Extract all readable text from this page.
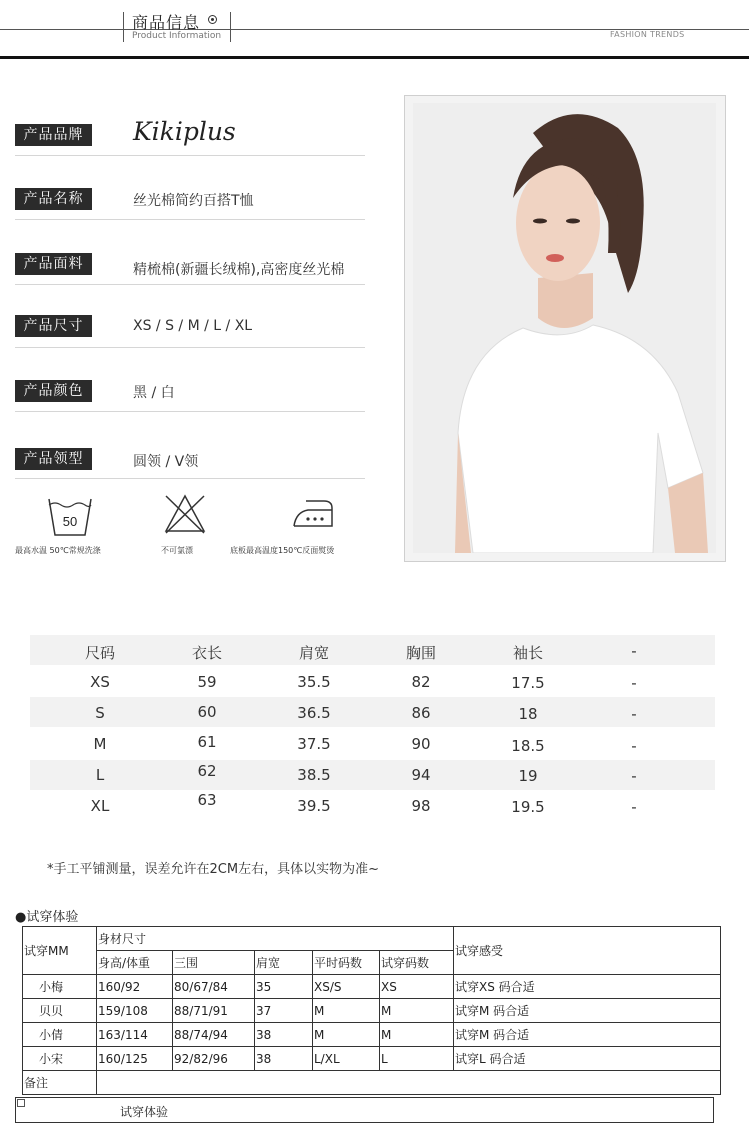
商品信息
Product Information	FASHION TRENDS
产品品牌	Kikiplus
产品名称	丝光棉简约百搭T恤
产品面料	精梳棉(新疆长绒棉),高密度丝光棉
产品尺寸	XS / S / M / L / XL
产品颜色	黑 / 白
产品领型	圆领 / V领
50
最高水温 50℃常规洗涤	不可氯漂	底板最高温度150℃反面熨烫
尺码	衣长	肩宽	胸围	袖长	-
XS	59	35.5	82	17.5	-
S	60	36.5	86	18	-
M	61	37.5	90	18.5	-
L	62	38.5	94	19	-
XL	63	39.5	98	19.5	-
*手工平铺测量，误差允许在2CM左右，具体以实物为准~
●试穿体验
试穿MM	身材尺寸					试穿感受
	身高/体重	三围	肩宽	平时码数	试穿码数	
小梅	160/92	80/67/84	35	XS/S	XS	试穿XS 码合适
贝贝	159/108	88/71/91	37	M	M	试穿M 码合适
小倩	163/114	88/74/94	38	M	M	试穿M 码合适
小宋	160/125	92/82/96	38	L/XL	L	试穿L 码合适
备注						
试穿体验
